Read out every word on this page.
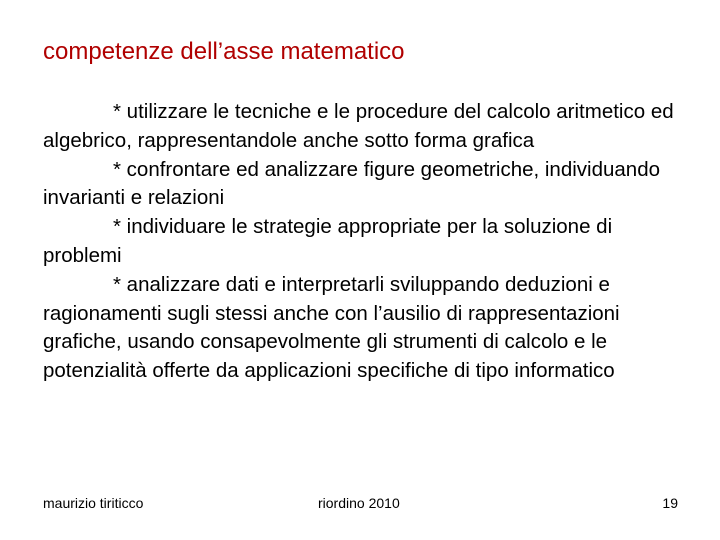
competenze dell’asse matematico

* utilizzare le tecniche e le procedure del calcolo aritmetico ed algebrico, rappresentandole anche sotto forma grafica

* confrontare ed analizzare figure geometriche, individuando invarianti e relazioni

* individuare le strategie appropriate per la soluzione di problemi

* analizzare dati e interpretarli sviluppando deduzioni e ragionamenti sugli stessi anche con l’ausilio di rappresentazioni grafiche, usando consapevolmente gli strumenti di calcolo e le potenzialità offerte da applicazioni specifiche di tipo informatico

maurizio tiriticco	riordino 2010	19
